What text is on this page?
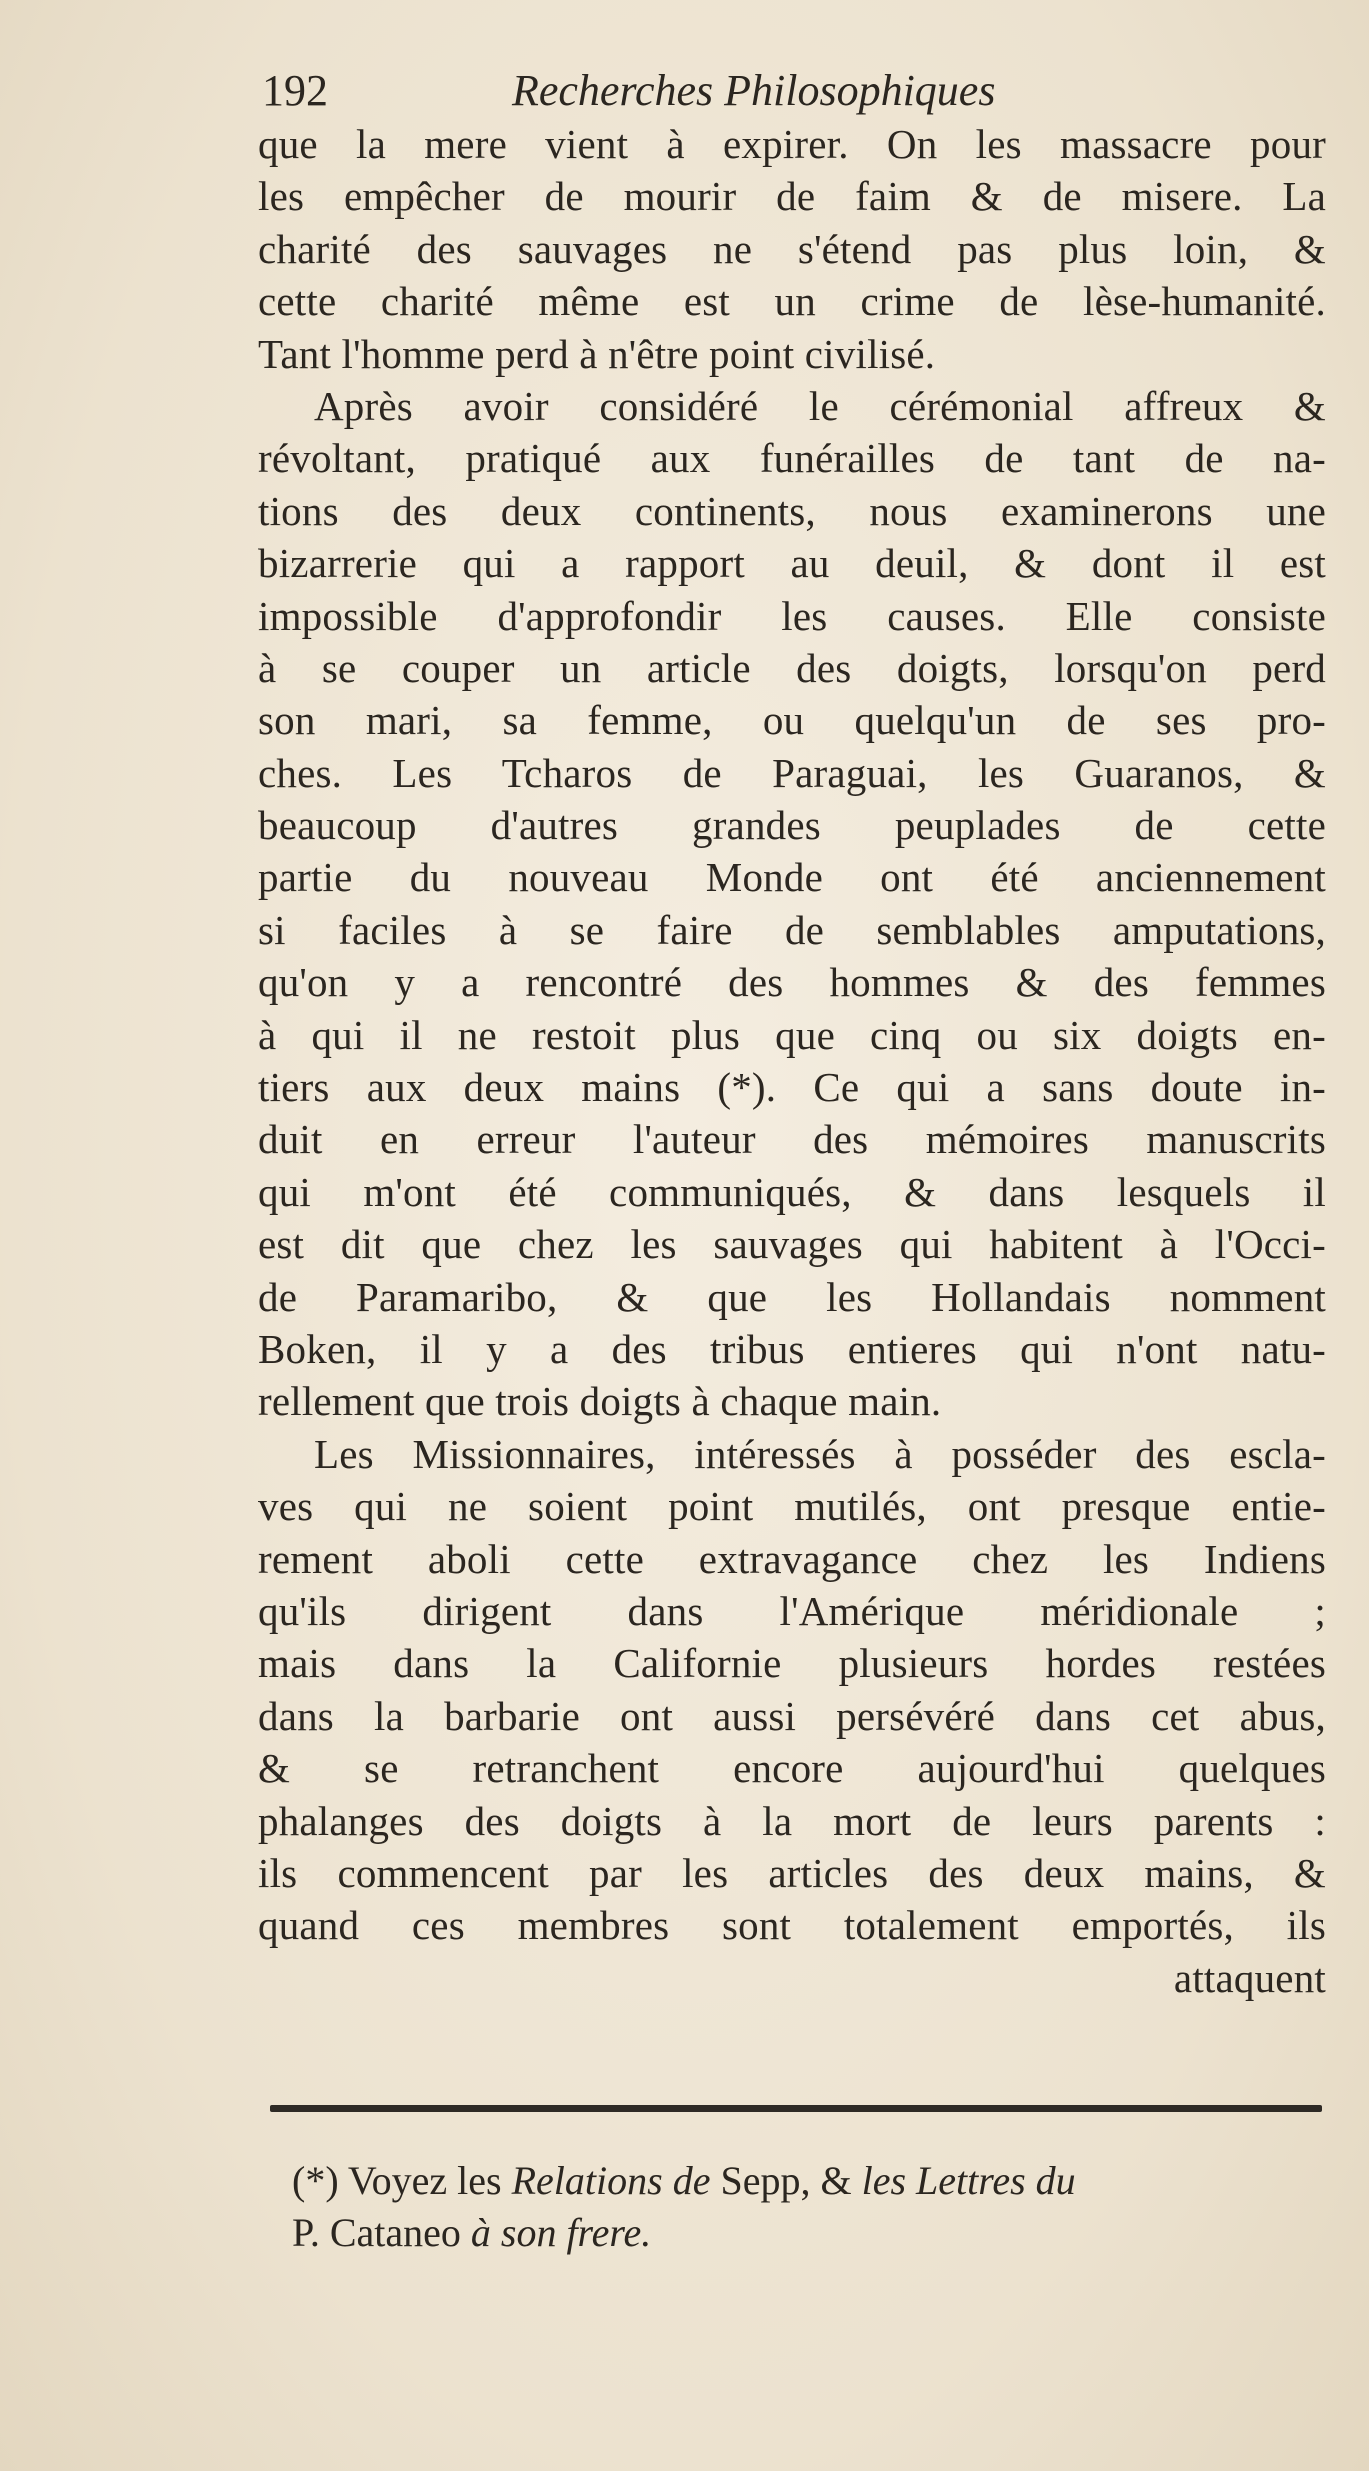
192	Recherches Philosophiques
que la mere vient à expirer. On les massacre pour
les empêcher de mourir de faim & de misere. La
charité des sauvages ne s'étend pas plus loin, &
cette charité même est un crime de lèse-humanité.
Tant l'homme perd à n'être point civilisé.
Après avoir considéré le cérémonial affreux &
révoltant, pratiqué aux funérailles de tant de na-
tions des deux continents, nous examinerons une
bizarrerie qui a rapport au deuil, & dont il est
impossible d'approfondir les causes. Elle consiste
à se couper un article des doigts, lorsqu'on perd
son mari, sa femme, ou quelqu'un de ses pro-
ches. Les Tcharos de Paraguai, les Guaranos, &
beaucoup d'autres grandes peuplades de cette
partie du nouveau Monde ont été anciennement
si faciles à se faire de semblables amputations,
qu'on y a rencontré des hommes & des femmes
à qui il ne restoit plus que cinq ou six doigts en-
tiers aux deux mains (*). Ce qui a sans doute in-
duit en erreur l'auteur des mémoires manuscrits
qui m'ont été communiqués, & dans lesquels il
est dit que chez les sauvages qui habitent à l'Occi-
de Paramaribo, & que les Hollandais nomment
Boken, il y a des tribus entieres qui n'ont natu-
rellement que trois doigts à chaque main.
Les Missionnaires, intéressés à posséder des escla-
ves qui ne soient point mutilés, ont presque entie-
rement aboli cette extravagance chez les Indiens
qu'ils dirigent dans l'Amérique méridionale ;
mais dans la Californie plusieurs hordes restées
dans la barbarie ont aussi persévéré dans cet abus,
& se retranchent encore aujourd'hui quelques
phalanges des doigts à la mort de leurs parents :
ils commencent par les articles des deux mains, &
quand ces membres sont totalement emportés, ils
attaquent
(*) Voyez les Relations de Sepp, & les Lettres du
P. Cataneo à son frere.
